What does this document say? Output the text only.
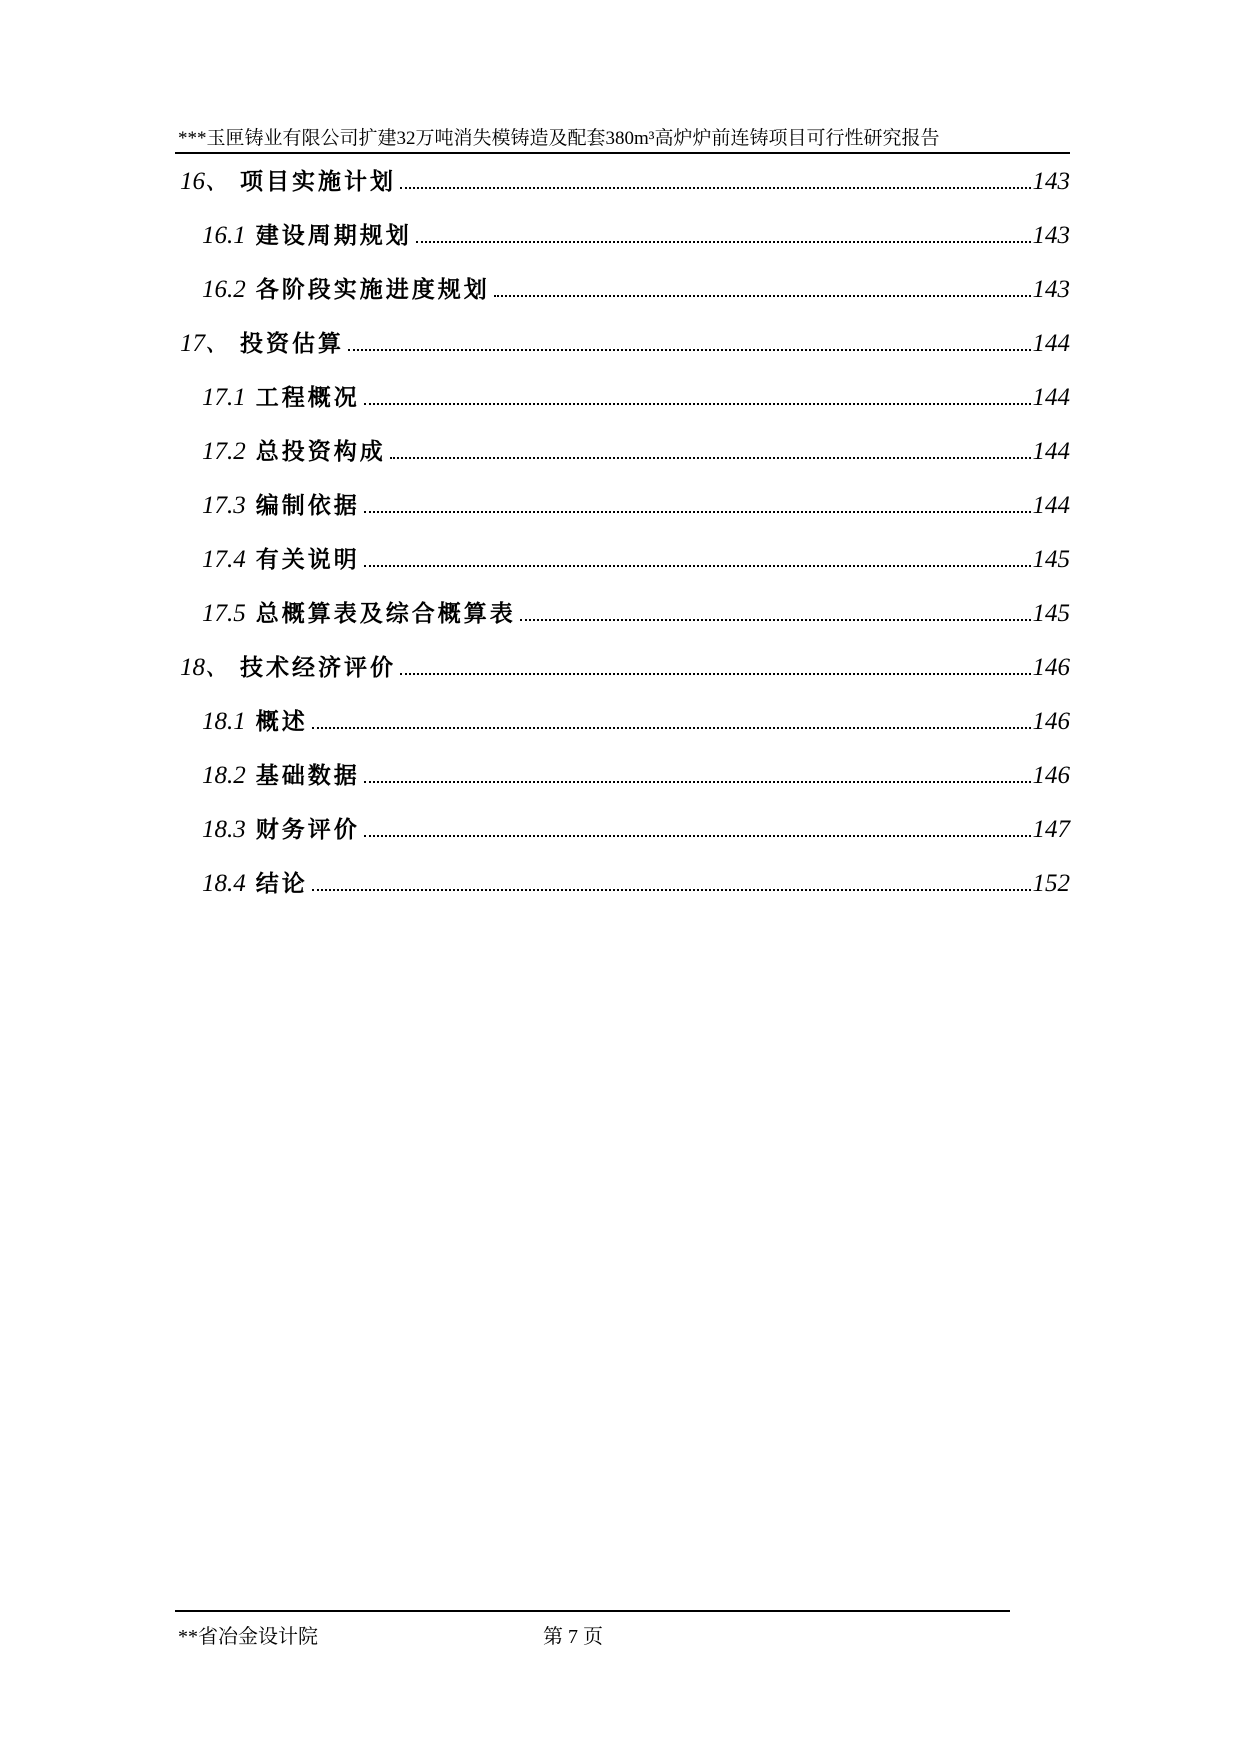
***玉匣铸业有限公司扩建32万吨消失模铸造及配套380m³高炉炉前连铸项目可行性研究报告
16、 项目实施计划	143
16.1 建设周期规划	143
16.2 各阶段实施进度规划	143
17、 投资估算	144
17.1 工程概况	144
17.2 总投资构成	144
17.3 编制依据	144
17.4 有关说明	145
17.5 总概算表及综合概算表	145
18、 技术经济评价	146
18.1 概述	146
18.2 基础数据	146
18.3 财务评价	147
18.4 结论	152
**省冶金设计院	第 7 页
